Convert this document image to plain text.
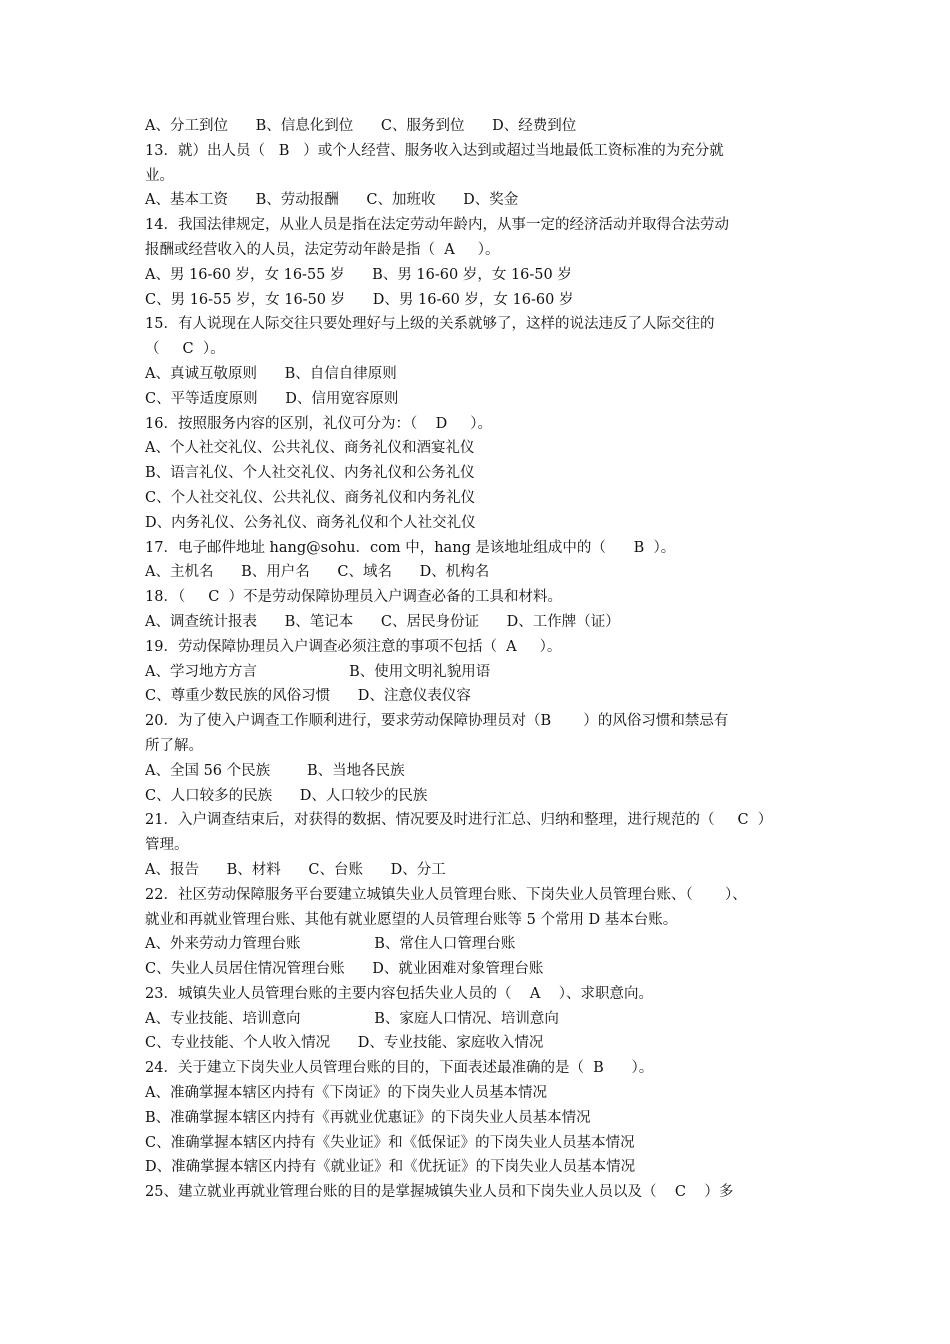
A、分工到位      B、信息化到位      C、服务到位      D、经费到位
13．就）出人员（   B   ）或个人经营、服务收入达到或超过当地最低工资标准的为充分就
业。
A、基本工资      B、劳动报酬      C、加班收      D、奖金
14．我国法律规定，从业人员是指在法定劳动年龄内，从事一定的经济活动并取得合法劳动
报酬或经营收入的人员，法定劳动年龄是指（  A     ）。
A、男 16-60 岁，女 16-55 岁      B、男 16-60 岁，女 16-50 岁
C、男 16-55 岁，女 16-50 岁      D、男 16-60 岁，女 16-60 岁
15．有人说现在人际交往只要处理好与上级的关系就够了，这样的说法违反了人际交往的
（     C  ）。
A、真诚互敬原则      B、自信自律原则
C、平等适度原则      D、信用宽容原则
16．按照服务内容的区别，礼仪可分为：（    D     ）。
A、个人社交礼仪、公共礼仪、商务礼仪和酒宴礼仪
B、语言礼仪、个人社交礼仪、内务礼仪和公务礼仪
C、个人社交礼仪、公共礼仪、商务礼仪和内务礼仪
D、内务礼仪、公务礼仪、商务礼仪和个人社交礼仪
17．电子邮件地址 hang@sohu．com 中，hang 是该地址组成中的（      B  ）。
A、主机名      B、用户名      C、域名      D、机构名
18．（     C  ）不是劳动保障协理员入户调查必备的工具和材料。
A、调查统计报表      B、笔记本      C、居民身份证      D、工作牌（证）
19．劳动保障协理员入户调查必须注意的事项不包括（  A     ）。
A、学习地方方言                    B、使用文明礼貌用语
C、尊重少数民族的风俗习惯      D、注意仪表仪容
20．为了使入户调查工作顺利进行，要求劳动保障协理员对（B       ）的风俗习惯和禁忌有
所了解。
A、全国 56 个民族        B、当地各民族
C、人口较多的民族      D、人口较少的民族
21．入户调查结束后，对获得的数据、情况要及时进行汇总、归纳和整理，进行规范的（     C  ）
管理。
A、报告      B、材料      C、台账      D、分工
22．社区劳动保障服务平台要建立城镇失业人员管理台账、下岗失业人员管理台账、（       ）、
就业和再就业管理台账、其他有就业愿望的人员管理台账等 5 个常用 D 基本台账。
A、外来劳动力管理台账                B、常住人口管理台账
C、失业人员居住情况管理台账      D、就业困难对象管理台账
23．城镇失业人员管理台账的主要内容包括失业人员的（    A    ）、求职意向。
A、专业技能、培训意向                B、家庭人口情况、培训意向
C、专业技能、个人收入情况      D、专业技能、家庭收入情况
24．关于建立下岗失业人员管理台账的目的，下面表述最准确的是（  B      ）。
A、准确掌握本辖区内持有《下岗证》的下岗失业人员基本情况
B、准确掌握本辖区内持有《再就业优惠证》的下岗失业人员基本情况
C、准确掌握本辖区内持有《失业证》和《低保证》的下岗失业人员基本情况
D、准确掌握本辖区内持有《就业证》和《优抚证》的下岗失业人员基本情况
25、建立就业再就业管理台账的目的是掌握城镇失业人员和下岗失业人员以及（    C    ）多
